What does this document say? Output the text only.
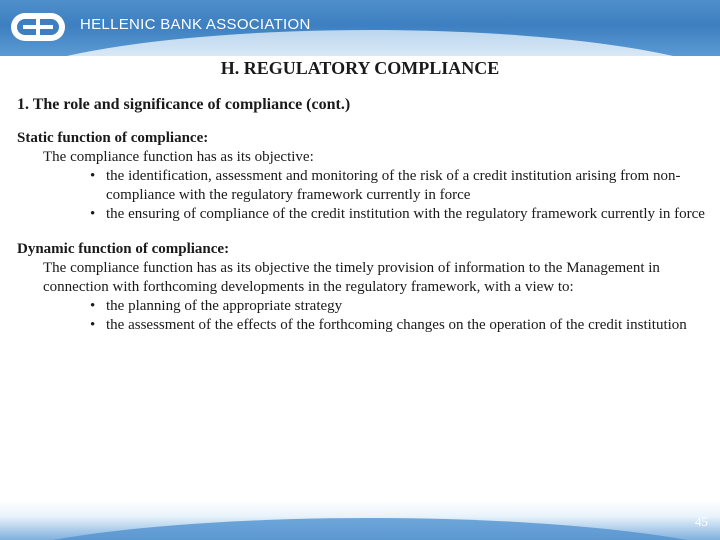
HELLENIC BANK ASSOCIATION
H. REGULATORY COMPLIANCE
1. The role and significance of compliance (cont.)
Static function of compliance:
The compliance function has as its objective:
• the identification, assessment and monitoring of the risk of a credit institution arising from non-compliance with the regulatory framework currently in force
• the ensuring of compliance of the credit institution with the regulatory framework currently in force
Dynamic function of compliance:
The compliance function has as its objective the timely provision of information to the Management in connection with forthcoming developments in the regulatory framework, with a view to:
• the planning of the appropriate strategy
• the assessment of the effects of the forthcoming changes on the operation of the credit institution
45
